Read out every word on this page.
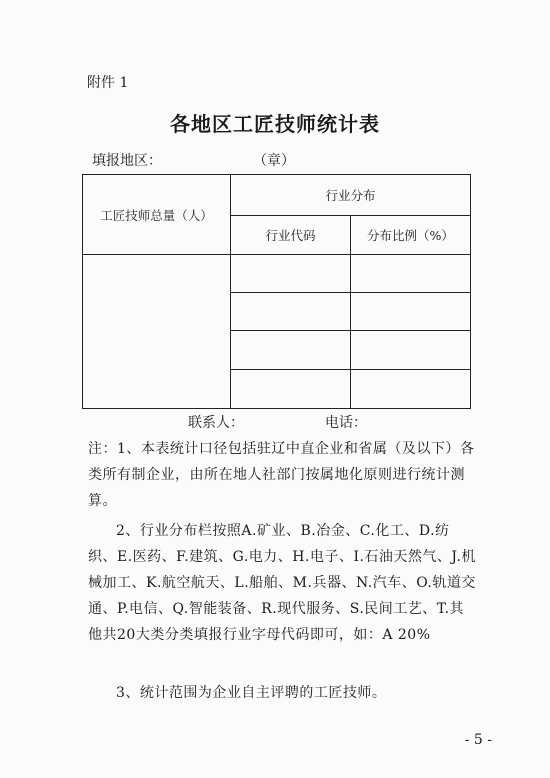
附件 1
各地区工匠技师统计表
填报地区：	（章）
工匠技师总量（人）	行业分布	
	行业代码	分布比例（%）

联系人：	电话：
注：1、本表统计口径包括驻辽中直企业和省属（及以下）各类所有制企业，由所在地人社部门按属地化原则进行统计测算。
2、行业分布栏按照A.矿业、B.冶金、C.化工、D.纺织、E.医药、F.建筑、G.电力、H.电子、I.石油天然气、J.机械加工、K.航空航天、L.船舶、M.兵器、N.汽车、O.轨道交通、P.电信、Q.智能装备、R.现代服务、S.民间工艺、T.其他共20大类分类填报行业字母代码即可，如：A 20%
3、统计范围为企业自主评聘的工匠技师。
- 5 -
